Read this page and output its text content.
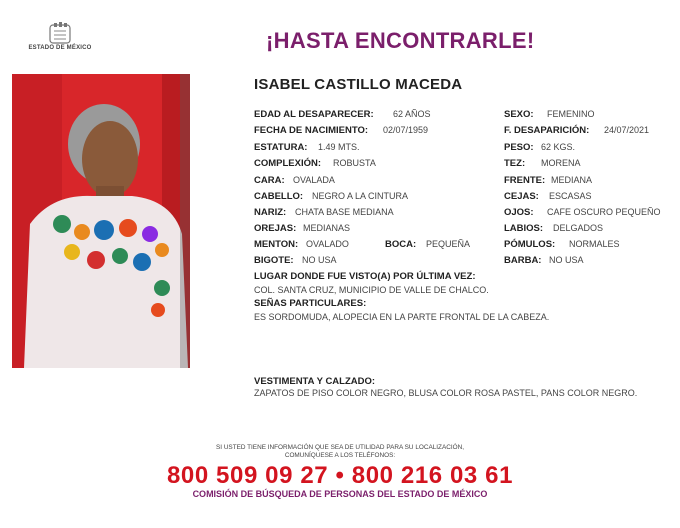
ESTADO DE MÉXICO	¡HASTA ENCONTRARLE!
ISABEL CASTILLO MACEDA
EDAD AL DESAPARECER: 62 AÑOS
FECHA DE NACIMIENTO: 02/07/1959
ESTATURA: 1.49 MTS.
COMPLEXIÓN: ROBUSTA
CARA: OVALADA
CABELLO: NEGRO A LA CINTURA
NARIZ: CHATA BASE MEDIANA
OREJAS: MEDIANAS
MENTON: OVALADO	BOCA: PEQUEÑA
BIGOTE: NO USA
SEXO: FEMENINO
F. DESAPARICIÓN: 24/07/2021
PESO: 62 KGS.
TEZ: MORENA
FRENTE: MEDIANA
CEJAS: ESCASAS
OJOS: CAFE OSCURO PEQUEÑO
LABIOS: DELGADOS
PÓMULOS: NORMALES
BARBA: NO USA
LUGAR DONDE FUE VISTO(A) POR ÚLTIMA VEZ:
COL. SANTA CRUZ, MUNICIPIO DE VALLE DE CHALCO.
SEÑAS PARTICULARES:
ES SORDOMUDA, ALOPECIA EN LA PARTE FRONTAL DE LA CABEZA.
VESTIMENTA Y CALZADO:
ZAPATOS DE PISO COLOR NEGRO, BLUSA COLOR ROSA PASTEL, PANS COLOR NEGRO.
SI USTED TIENE INFORMACIÓN QUE SEA DE UTILIDAD PARA SU LOCALIZACIÓN,
COMUNÍQUESE A LOS TELÉFONOS:
800 509 09 27 • 800 216 03 61
COMISIÓN DE BÚSQUEDA DE PERSONAS DEL ESTADO DE MÉXICO
